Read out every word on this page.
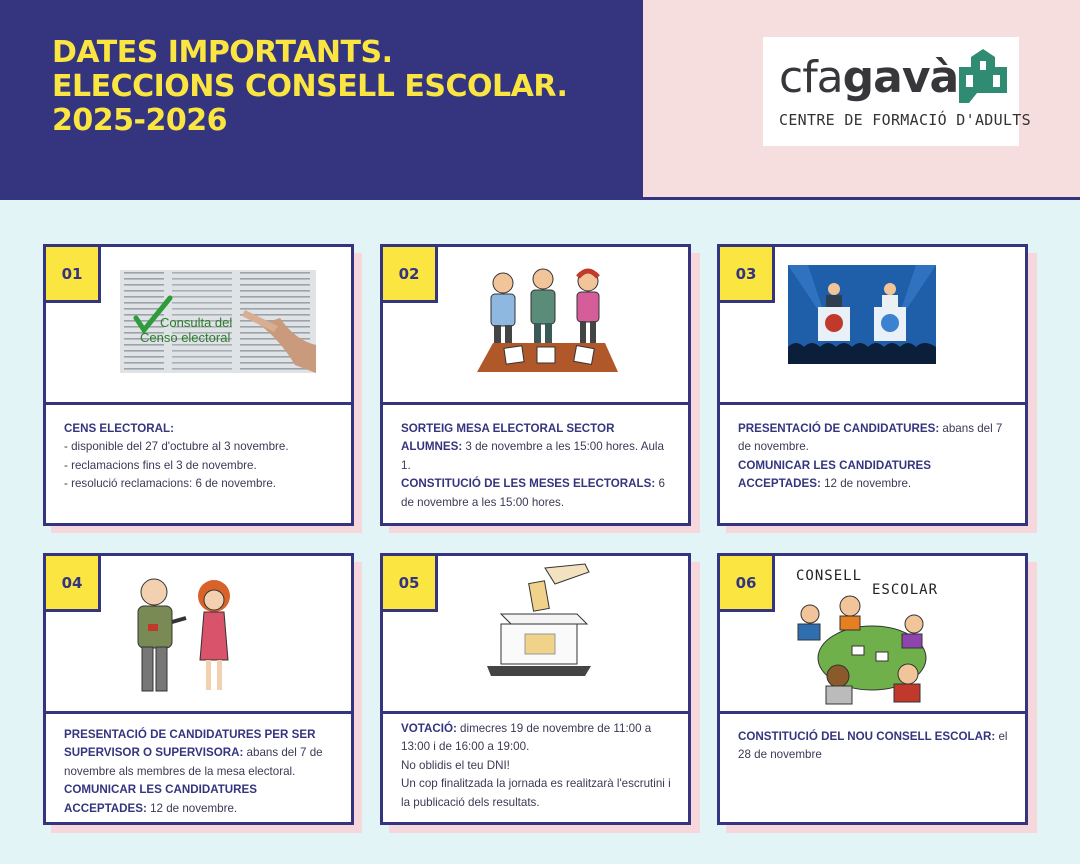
DATES IMPORTANTS.
ELECCIONS CONSELL ESCOLAR.
2025-2026
cfagavà
CENTRE DE FORMACIÓ D'ADULTS
01
Consulta del
Censo electoral
CENS ELECTORAL:
- disponible del 27 d'octubre al 3 novembre.
- reclamacions fins el 3 de novembre.
- resolució reclamacions: 6 de novembre.
02
SORTEIG MESA ELECTORAL SECTOR ALUMNES: 3 de novembre a les 15:00 hores. Aula 1.
CONSTITUCIÓ DE LES MESES ELECTORALS: 6 de novembre a les 15:00 hores.
03
PRESENTACIÓ DE CANDIDATURES: abans del 7 de novembre.
COMUNICAR LES CANDIDATURES ACCEPTADES: 12 de novembre.
04
PRESENTACIÓ DE CANDIDATURES PER SER SUPERVISOR O SUPERVISORA: abans del 7 de novembre als membres de la mesa electoral.
COMUNICAR LES CANDIDATURES ACCEPTADES: 12 de novembre.
05
VOTACIÓ: dimecres 19 de novembre de 11:00 a 13:00 i de 16:00 a 19:00.
No oblidis el teu DNI!
Un cop finalitzada la jornada es realitzarà l'escrutini i la publicació dels resultats.
06	CONSELL
ESCOLAR
CONSTITUCIÓ DEL NOU CONSELL ESCOLAR: el 28 de novembre
